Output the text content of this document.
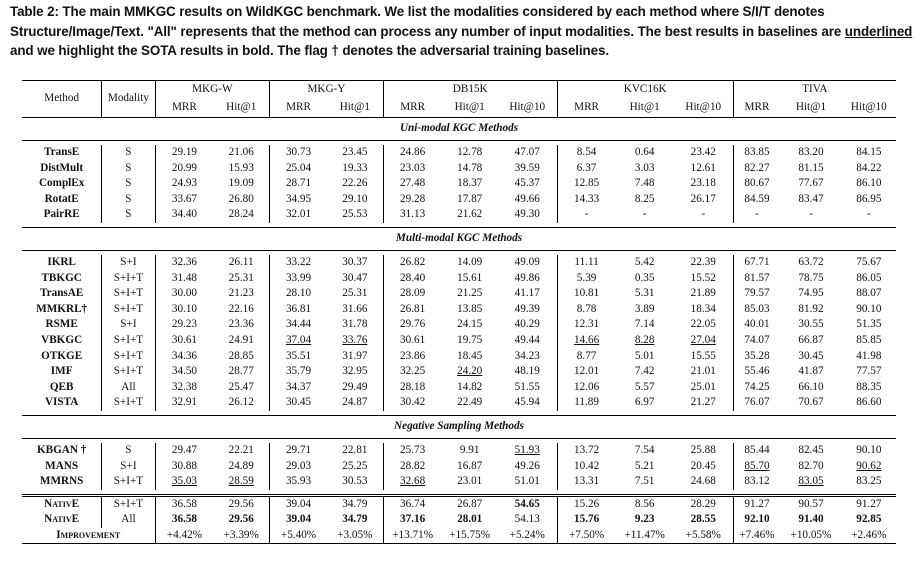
Table 2: The main MMKGC results on WildKGC benchmark. We list the modalities considered by each method where S/I/T denotes Structure/Image/Text. "All" represents that the method can process any number of input modalities. The best results in baselines are underlined and we highlight the SOTA results in bold. The flag † denotes the adversarial training baselines.
Method	Modality	MKG-W		MKG-Y		DB15K			KVC16K			TIVA		
		MRR	Hit@1	MRR	Hit@1	MRR	Hit@1	Hit@10	MRR	Hit@1	Hit@10	MRR	Hit@1	Hit@10
Uni-modal KGC Methods														

TransE	S	29.19	21.06	30.73	23.45	24.86	12.78	47.07	8.54	0.64	23.42	83.85	83.20	84.15
DistMult	S	20.99	15.93	25.04	19.33	23.03	14.78	39.59	6.37	3.03	12.61	82.27	81.15	84.22
ComplEx	S	24.93	19.09	28.71	22.26	27.48	18.37	45.37	12.85	7.48	23.18	80.67	77.67	86.10
RotatE	S	33.67	26.80	34.95	29.10	29.28	17.87	49.66	14.33	8.25	26.17	84.59	83.47	86.95
PairRE	S	34.40	28.24	32.01	25.53	31.13	21.62	49.30	-	-	-	-	-	-

Multi-modal KGC Methods														

IKRL	S+I	32.36	26.11	33.22	30.37	26.82	14.09	49.09	11.11	5.42	22.39	67.71	63.72	75.67
TBKGC	S+I+T	31.48	25.31	33.99	30.47	28.40	15.61	49.86	5.39	0.35	15.52	81.57	78.75	86.05
TransAE	S+I+T	30.00	21.23	28.10	25.31	28.09	21.25	41.17	10.81	5.31	21.89	79.57	74.95	88.07
MMKRL†	S+I+T	30.10	22.16	36.81	31.66	26.81	13.85	49.39	8.78	3.89	18.34	85.03	81.92	90.10
RSME	S+I	29.23	23.36	34.44	31.78	29.76	24.15	40.29	12.31	7.14	22.05	40.01	30.55	51.35
VBKGC	S+I+T	30.61	24.91	37.04	33.76	30.61	19.75	49.44	14.66	8.28	27.04	74.07	66.87	85.85
OTKGE	S+I+T	34.36	28.85	35.51	31.97	23.86	18.45	34.23	8.77	5.01	15.55	35.28	30.45	41.98
IMF	S+I+T	34.50	28.77	35.79	32.95	32.25	24.20	48.19	12.01	7.42	21.01	55.46	41.87	77.57
QEB	All	32.38	25.47	34.37	29.49	28.18	14.82	51.55	12.06	5.57	25.01	74.25	66.10	88.35
VISTA	S+I+T	32.91	26.12	30.45	24.87	30.42	22.49	45.94	11.89	6.97	21.27	76.07	70.67	86.60

Negative Sampling Methods														

KBGAN †	S	29.47	22.21	29.71	22.81	25.73	9.91	51.93	13.72	7.54	25.88	85.44	82.45	90.10
MANS	S+I	30.88	24.89	29.03	25.25	28.82	16.87	49.26	10.42	5.21	20.45	85.70	82.70	90.62
MMRNS	S+I+T	35.03	28.59	35.93	30.53	32.68	23.01	51.01	13.31	7.51	24.68	83.12	83.05	83.25

NativE	S+I+T	36.58	29.56	39.04	34.79	36.74	26.87	54.65	15.26	8.56	28.29	91.27	90.57	91.27
NativE	All	36.58	29.56	39.04	34.79	37.16	28.01	54.13	15.76	9.23	28.55	92.10	91.40	92.85
Improvement		+4.42%	+3.39%	+5.40%	+3.05%	+13.71%	+15.75%	+5.24%	+7.50%	+11.47%	+5.58%	+7.46%	+10.05%	+2.46%
